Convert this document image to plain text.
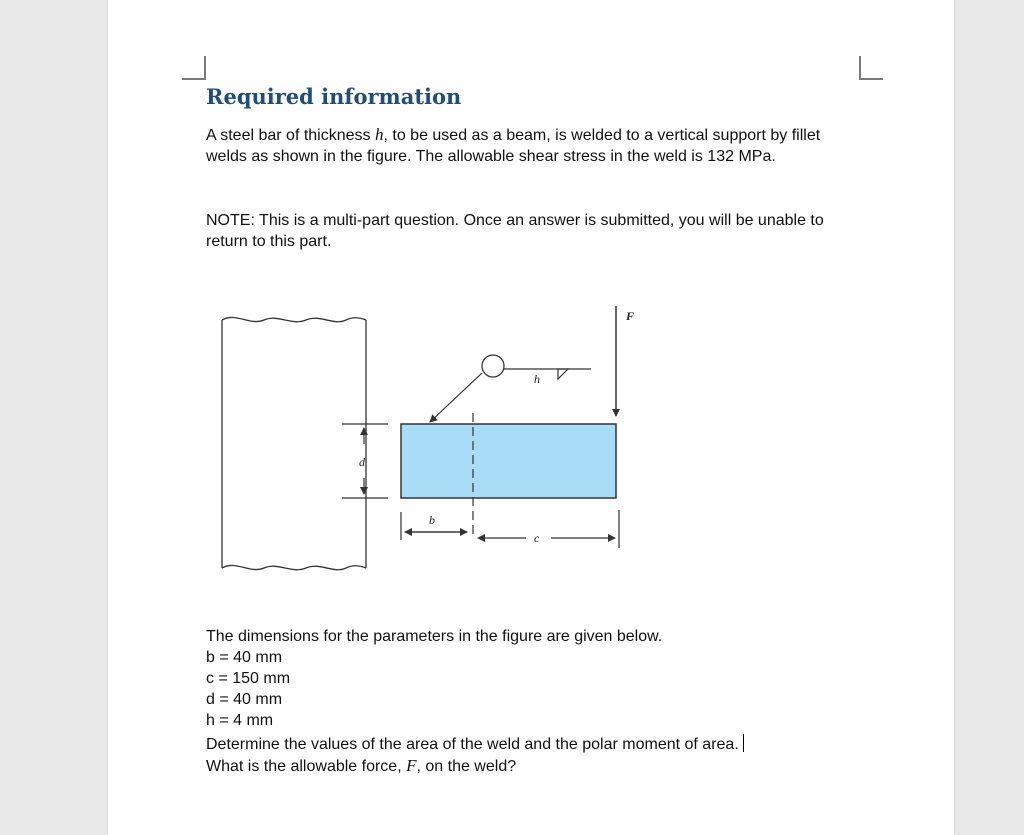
Required information

A steel bar of thickness h, to be used as a beam, is welded to a vertical support by fillet welds as shown in the figure. The allowable shear stress in the weld is 132 MPa.

NOTE: This is a multi-part question. Once an answer is submitted, you will be unable to return to this part.

d
b
c
F
h

The dimensions for the parameters in the figure are given below.
b = 40 mm
c = 150 mm
d = 40 mm
h = 4 mm

Determine the values of the area of the weld and the polar moment of area.
What is the allowable force, F, on the weld?
